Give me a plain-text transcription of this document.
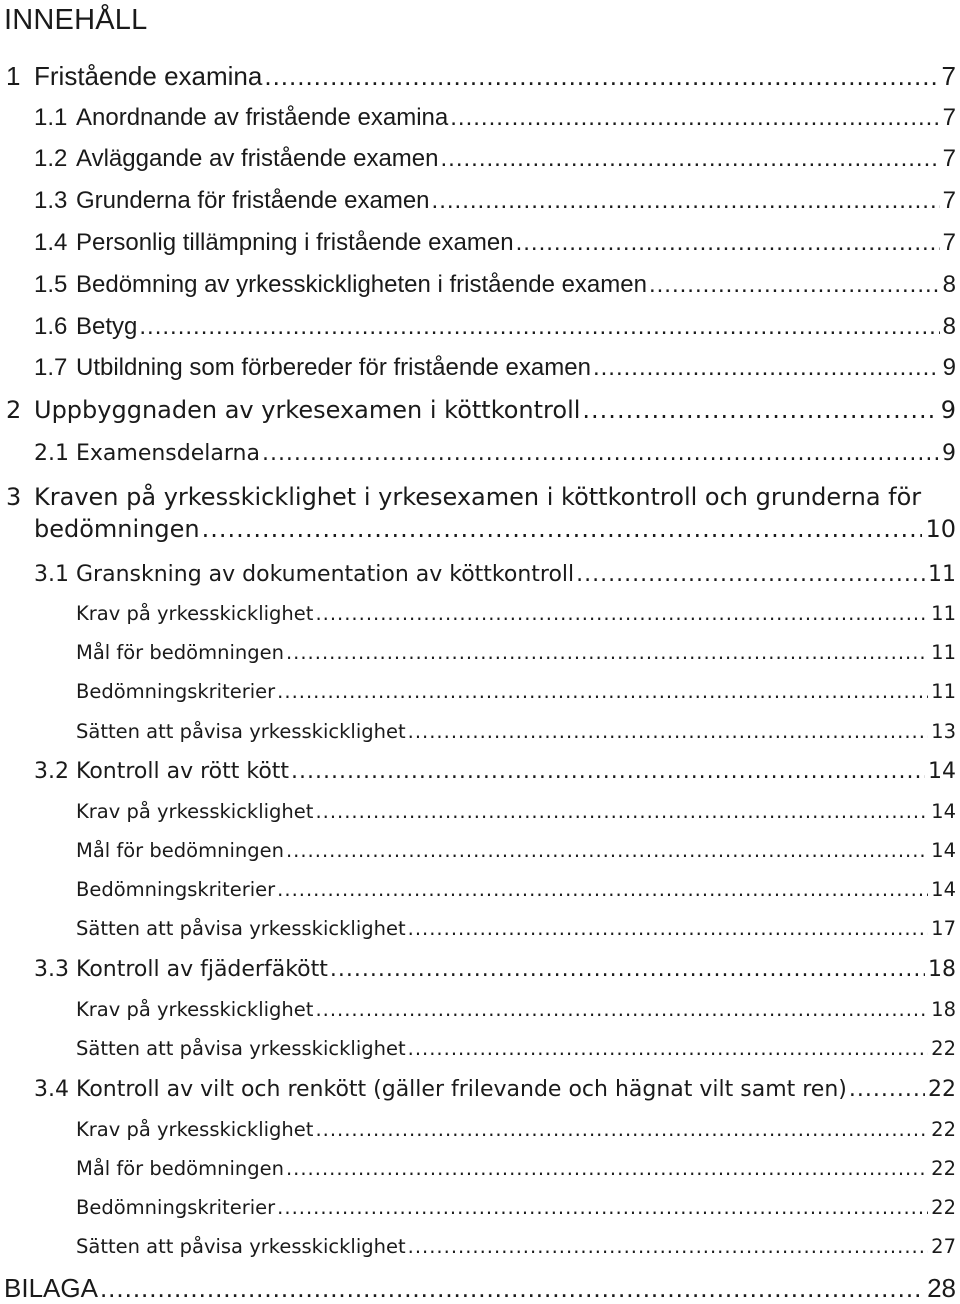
INNEHÅLL
1 Fristående examina .....	7
1.1 Anordnande av fristående examina .....	7
1.2 Avläggande av fristående examen .....	7
1.3 Grunderna för fristående examen .....	7
1.4 Personlig tillämpning i fristående examen .....	7
1.5 Bedömning av yrkesskickligheten i fristående examen .....	8
1.6 Betyg .....	8
1.7 Utbildning som förbereder för fristående examen .....	9
2 Uppbyggnaden av yrkesexamen i köttkontroll .....	9
2.1 Examensdelarna .....	9
3 Kraven på yrkesskicklighet i yrkesexamen i köttkontroll och grunderna för
bedömningen .....	10
3.1 Granskning av dokumentation av köttkontroll .....	11
Krav på yrkesskicklighet .....	11
Mål för bedömningen .....	11
Bedömningskriterier .....	11
Sätten att påvisa yrkesskicklighet .....	13
3.2 Kontroll av rött kött .....	14
Krav på yrkesskicklighet .....	14
Mål för bedömningen .....	14
Bedömningskriterier .....	14
Sätten att påvisa yrkesskicklighet .....	17
3.3 Kontroll av fjäderfäkött .....	18
Krav på yrkesskicklighet .....	18
Sätten att påvisa yrkesskicklighet .....	22
3.4 Kontroll av vilt och renkött (gäller frilevande och hägnat vilt samt ren) .....	22
Krav på yrkesskicklighet .....	22
Mål för bedömningen .....	22
Bedömningskriterier .....	22
Sätten att påvisa yrkesskicklighet .....	27
BILAGA .....	28
